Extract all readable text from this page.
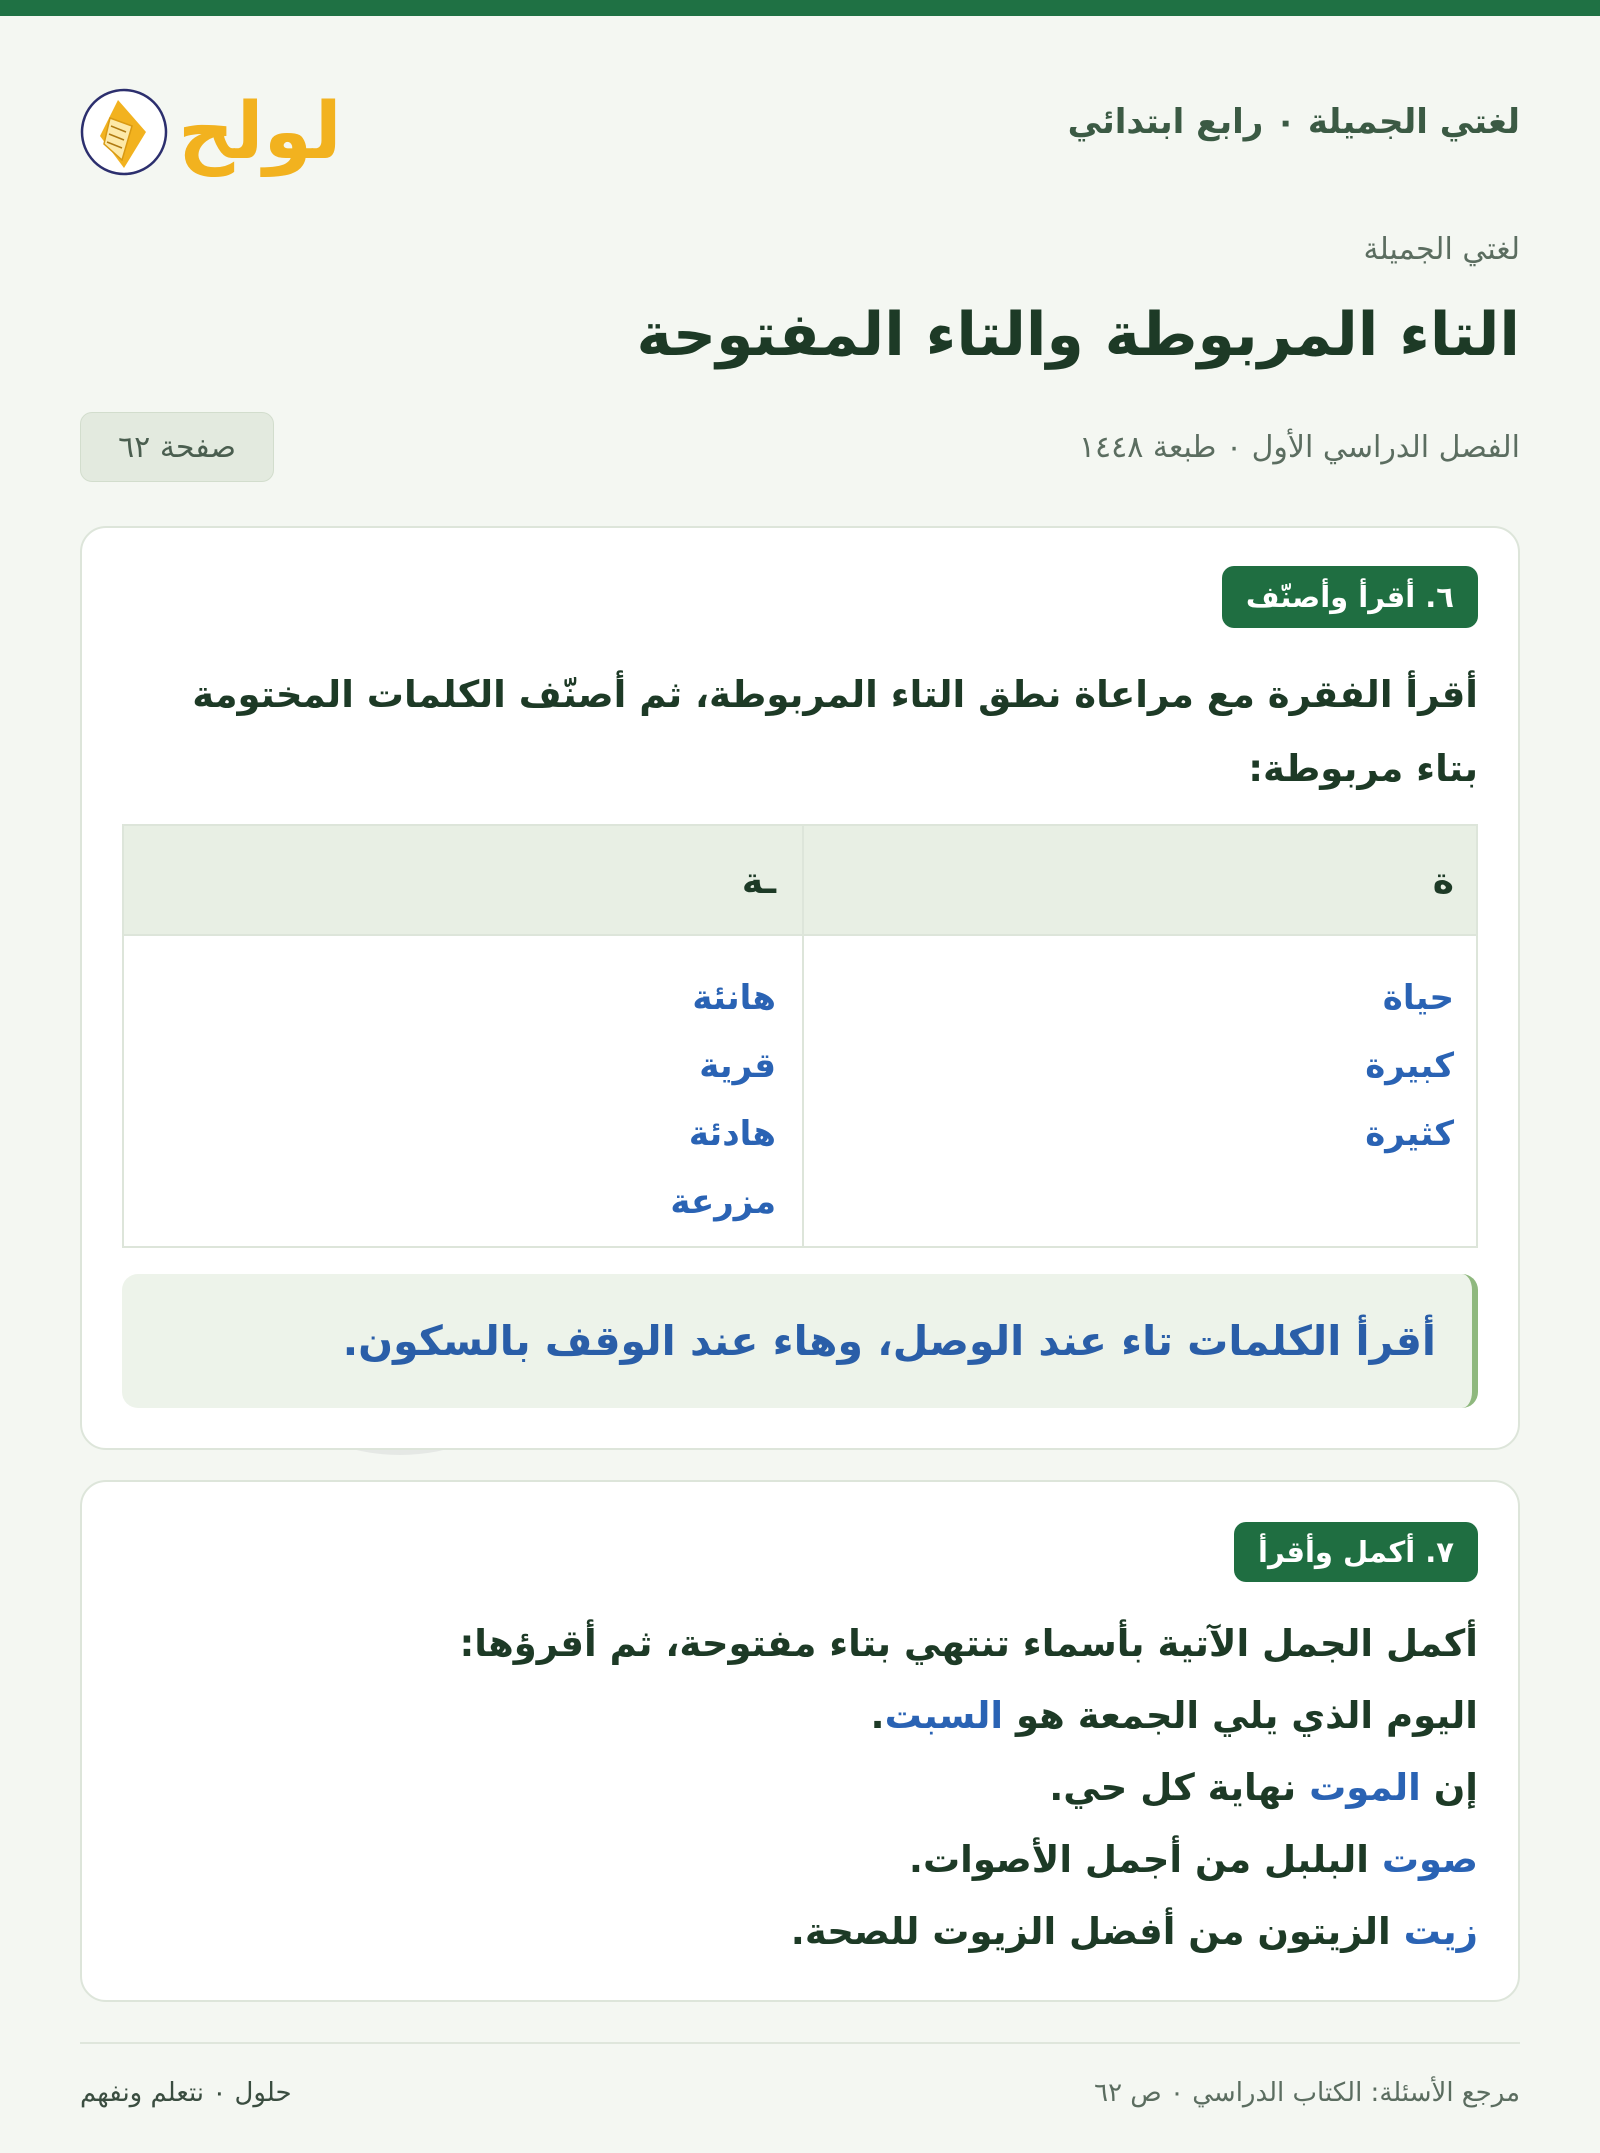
لغتي الجميلة ٠ رابع ابتدائي
حلول
لغتي الجميلة
التاء المربوطة والتاء المفتوحة
الفصل الدراسي الأول ٠ طبعة ١٤٤٨
صفحة ٦٢
٦. أقرأ وأصنّف

أقرأ الفقرة مع مراعاة نطق التاء المربوطة، ثم أصنّف الكلمات المختومة بتاء مربوطة:

ة
ـة
حياة
كبيرة
كثيرة
هانئة
قرية
هادئة
مزرعة
أقرأ الكلمات تاء عند الوصل، وهاء عند الوقف بالسكون.
٧. أكمل وأقرأ
أكمل الجمل الآتية بأسماء تنتهي بتاء مفتوحة، ثم أقرؤها:
اليوم الذي يلي الجمعة هو السبت.
إن الموت نهاية كل حي.
صوت البلبل من أجمل الأصوات.
زيت الزيتون من أفضل الزيوت للصحة.
حلول ٠ نتعلم ونفهم	مرجع الأسئلة: الكتاب الدراسي ٠ ص ٦٢
